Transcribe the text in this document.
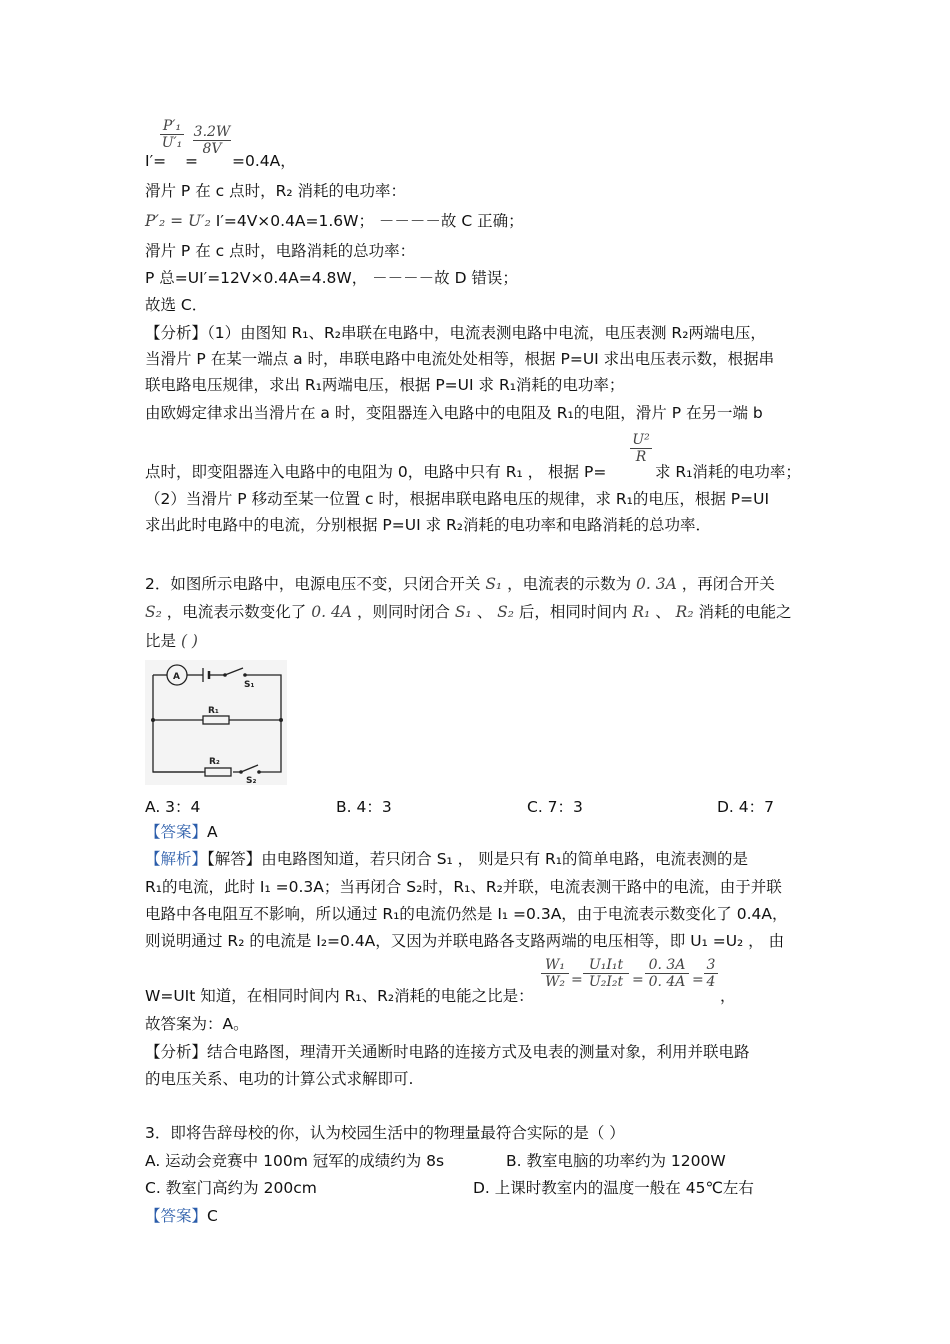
I′=
$\frac{\text{P′₁}}{\text{U′₁}}$
=
$\frac{3.2W}{8V}$
=0.4A，
滑片 P 在 c 点时，R₂ 消耗的电功率：
P′₂ = U′₂ I′=4V×0.4A=1.6W； －－－－故 C 正确；
滑片 P 在 c 点时，电路消耗的总功率：
P 总=UI′=12V×0.4A=4.8W， －－－－故 D 错误；
故选 C．
【分析】（1）由图知 R₁、R₂串联在电路中，电流表测电路中电流，电压表测 R₂两端电压，
当滑片 P 在某一端点 a 时，串联电路中电流处处相等，根据 P=UI 求出电压表示数，根据串
联电路电压规律，求出 R₁两端电压，根据 P=UI 求 R₁消耗的电功率；
由欧姆定律求出当滑片在 a 时，变阻器连入电路中的电阻及 R₁的电阻，滑片 P 在另一端 b
点时，即变阻器连入电路中的电阻为 0，电路中只有 R₁ ， 根据 P=
$\frac{\text{U²}}{R}$
求 R₁消耗的电功率；
（2）当滑片 P 移动至某一位置 c 时，根据串联电路电压的规律，求 R₁的电压，根据 P=UI
求出此时电路中的电流，分别根据 P=UI 求 R₂消耗的电功率和电路消耗的总功率．
2．如图所示电路中，电源电压不变，只闭合开关 S₁ ，电流表的示数为 0. 3A ，再闭合开关
S₂ ，电流表示数变化了 0. 4A ，则同时闭合 S₁ 、 S₂ 后，相同时间内 R₁ 、 R₂ 消耗的电能之
比是 ( )
A
S₁
R₁
R₂
S₂
A. 3：4	B. 4：3	C. 7：3	D. 4：7
【答案】A
【解析】【解答】由电路图知道，若只闭合 S₁ ， 则是只有 R₁的简单电路，电流表测的是
R₁的电流，此时 I₁ =0.3A；当再闭合 S₂时，R₁、R₂并联，电流表测干路中的电流，由于并联
电路中各电阻互不影响，所以通过 R₁的电流仍然是 I₁ =0.3A，由于电流表示数变化了 0.4A，
则说明通过 R₂ 的电流是 I₂=0.4A，又因为并联电路各支路两端的电压相等，即 U₁ =U₂ ， 由
W=UIt 知道，在相同时间内 R₁、R₂消耗的电能之比是：
$\frac{\text{W₁}}{\text{W₂}} = \frac{\text{U₁I₁t}}{\text{U₂I₂t}} = \frac{0. 3A}{0. 4A} = \frac{3}{4}$
，
故答案为：A。
【分析】结合电路图，理清开关通断时电路的连接方式及电表的测量对象，利用并联电路
的电压关系、电功的计算公式求解即可.
3．即将告辞母校的你，认为校园生活中的物理量最符合实际的是（ ）
A. 运动会竞赛中 100m 冠军的成绩约为 8s	B. 教室电脑的功率约为 1200W
C. 教室门高约为 200cm	D. 上课时教室内的温度一般在 45℃左右
【答案】C
